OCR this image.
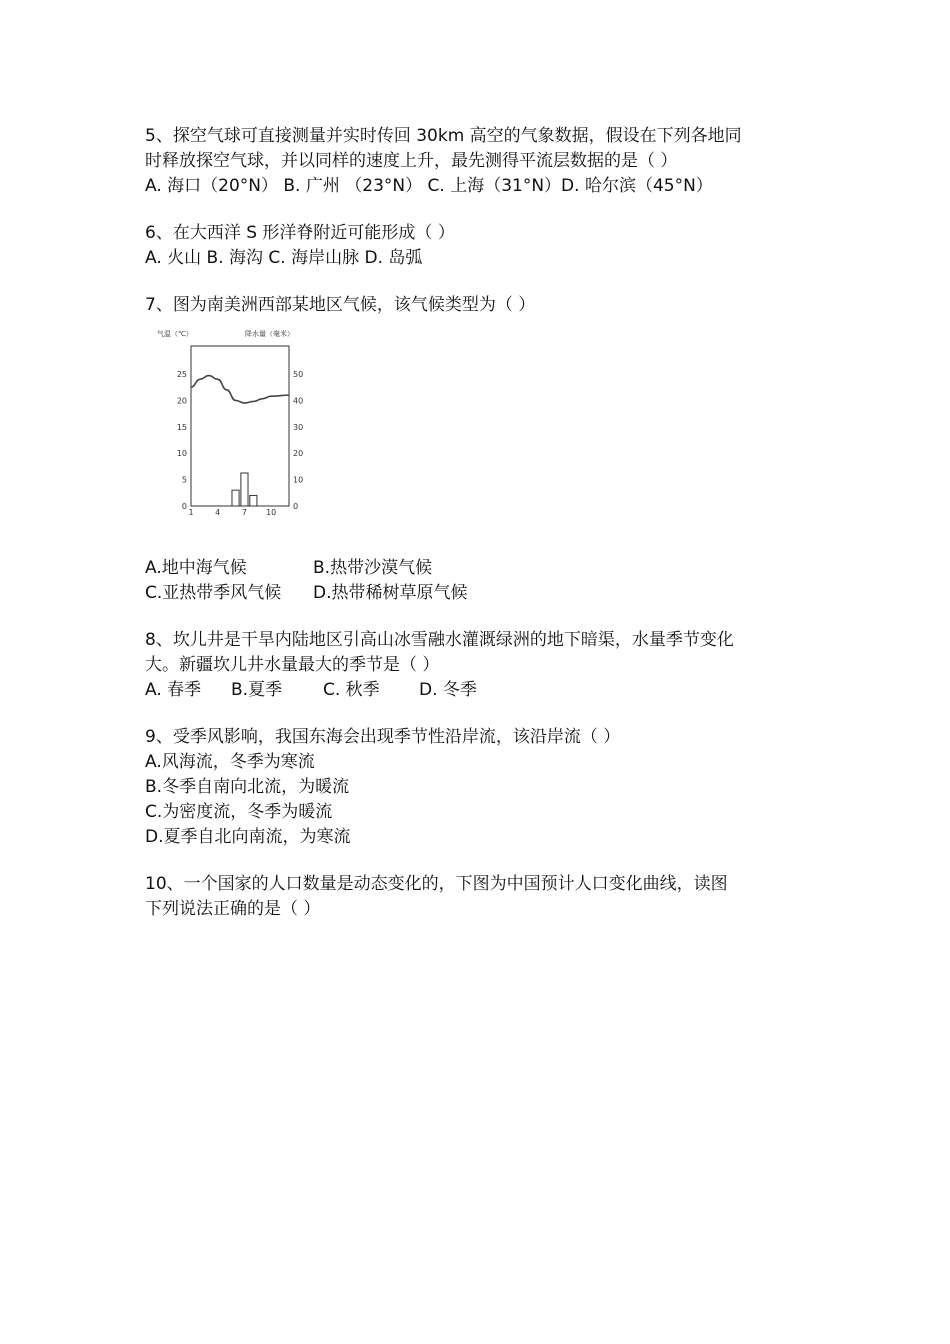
5、探空气球可直接测量并实时传回 30km 高空的气象数据，假设在下列各地同
时释放探空气球，并以同样的速度上升，最先测得平流层数据的是（ ）
A. 海口（20°N） B. 广州 （23°N） C. 上海（31°N）D. 哈尔滨（45°N）
6、在大西洋 S 形洋脊附近可能形成（ ）
A. 火山 B. 海沟 C. 海岸山脉 D. 岛弧
7、图为南美洲西部某地区气候，该气候类型为（ ）
气温（℃）	降水量（毫米）
0
5
10
15
20
25
0
10
20
30
40
50
1	4	7 10
A.地中海气候	B.热带沙漠气候
C.亚热带季风气候	D.热带稀树草原气候
8、坎儿井是干旱内陆地区引高山冰雪融水灌溉绿洲的地下暗渠，水量季节变化
大。新疆坎儿井水量最大的季节是（ ）
A. 春季	B.夏季	C. 秋季	D. 冬季
9、受季风影响，我国东海会出现季节性沿岸流，该沿岸流（ ）
A.风海流，冬季为寒流
B.冬季自南向北流，为暖流
C.为密度流，冬季为暖流
D.夏季自北向南流，为寒流
10、一个国家的人口数量是动态变化的，下图为中国预计人口变化曲线，读图
下列说法正确的是（ ）
